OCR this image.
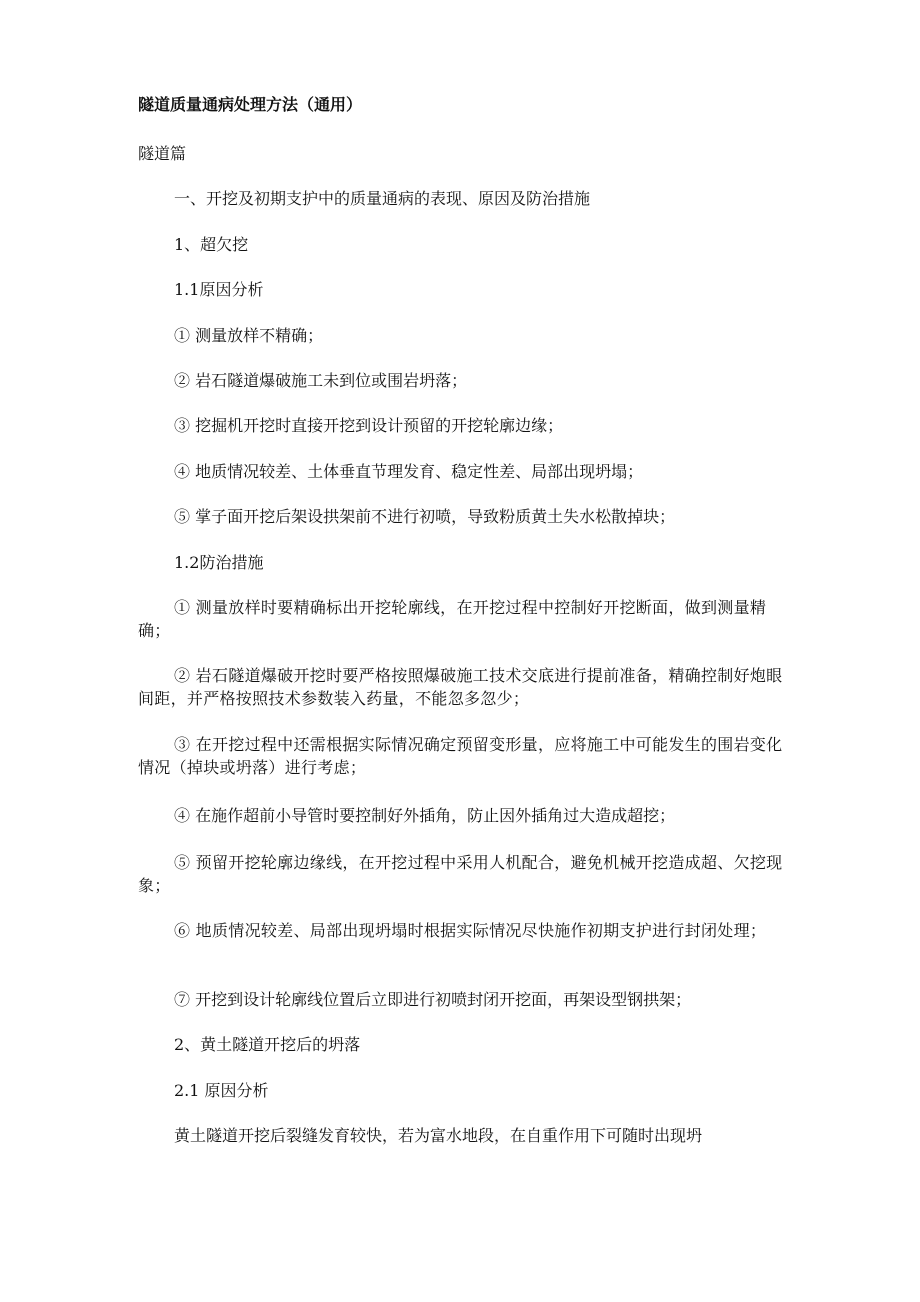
隧道质量通病处理方法（通用）
隧道篇
一、开挖及初期支护中的质量通病的表现、原因及防治措施
1、超欠挖
1.1原因分析
① 测量放样不精确；
② 岩石隧道爆破施工未到位或围岩坍落；
③ 挖掘机开挖时直接开挖到设计预留的开挖轮廓边缘；
④ 地质情况较差、土体垂直节理发育、稳定性差、局部出现坍塌；
⑤ 掌子面开挖后架设拱架前不进行初喷，导致粉质黄土失水松散掉块；
1.2防治措施
① 测量放样时要精确标出开挖轮廓线，在开挖过程中控制好开挖断面，做到测量精确；
② 岩石隧道爆破开挖时要严格按照爆破施工技术交底进行提前准备，精确控制好炮眼间距，并严格按照技术参数装入药量，不能忽多忽少；
③ 在开挖过程中还需根据实际情况确定预留变形量，应将施工中可能发生的围岩变化情况（掉块或坍落）进行考虑；
④ 在施作超前小导管时要控制好外插角，防止因外插角过大造成超挖；
⑤ 预留开挖轮廓边缘线，在开挖过程中采用人机配合，避免机械开挖造成超、欠挖现象；
⑥ 地质情况较差、局部出现坍塌时根据实际情况尽快施作初期支护进行封闭处理；
⑦ 开挖到设计轮廓线位置后立即进行初喷封闭开挖面，再架设型钢拱架；
2、黄土隧道开挖后的坍落
2.1 原因分析
黄土隧道开挖后裂缝发育较快，若为富水地段，在自重作用下可随时出现坍
